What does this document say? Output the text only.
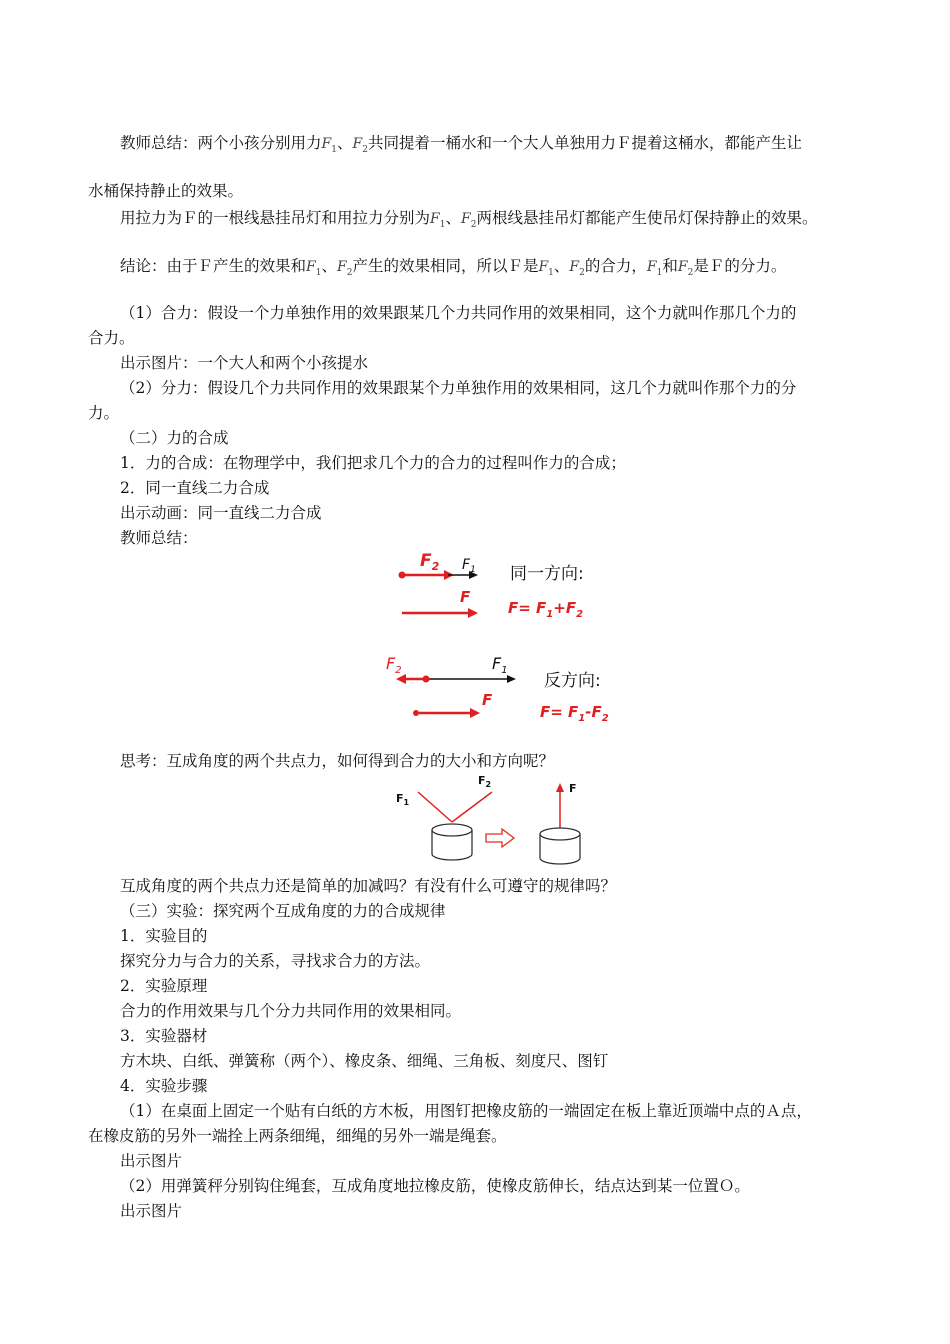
教师总结：两个小孩分别用力$F_1$、$F_2$共同提着一桶水和一个大人单独用力Ｆ提着这桶水，都能产生让
水桶保持静止的效果。
用拉力为Ｆ的一根线悬挂吊灯和用拉力分别为$F_1$、$F_2$两根线悬挂吊灯都能产生使吊灯保持静止的效果。
结论：由于Ｆ产生的效果和$F_1$、$F_2$产生的效果相同，所以Ｆ是$F_1$、$F_2$的合力，$F_1$和$F_2$是Ｆ的分力。
（1）合力：假设一个力单独作用的效果跟某几个力共同作用的效果相同，这个力就叫作那几个力的
合力。
出示图片：一个大人和两个小孩提水
（2）分力：假设几个力共同作用的效果跟某个力单独作用的效果相同，这几个力就叫作那个力的分
力。
（二）力的合成
1．力的合成：在物理学中，我们把求几个力的合力的过程叫作力的合成；
2．同一直线二力合成
出示动画：同一直线二力合成
教师总结：
$F_2$ $F_1$
F
同一方向:
$F= F_1+F_2$
$F_2$	$F_1$
F
反方向:
$F= F_1-F_2$
思考：互成角度的两个共点力，如何得到合力的大小和方向呢？
$F_1$
$F_2$	F
互成角度的两个共点力还是简单的加减吗？有没有什么可遵守的规律吗？
（三）实验：探究两个互成角度的力的合成规律
1．实验目的
探究分力与合力的关系，寻找求合力的方法。
2．实验原理
合力的作用效果与几个分力共同作用的效果相同。
3．实验器材
方木块、白纸、弹簧称（两个）、橡皮条、细绳、三角板、刻度尺、图钉
4．实验步骤
（1）在桌面上固定一个贴有白纸的方木板，用图钉把橡皮筋的一端固定在板上靠近顶端中点的Ａ点，
在橡皮筋的另外一端拴上两条细绳，细绳的另外一端是绳套。
出示图片
（2）用弹簧秤分别钩住绳套，互成角度地拉橡皮筋，使橡皮筋伸长，结点达到某一位置Ｏ。
出示图片
